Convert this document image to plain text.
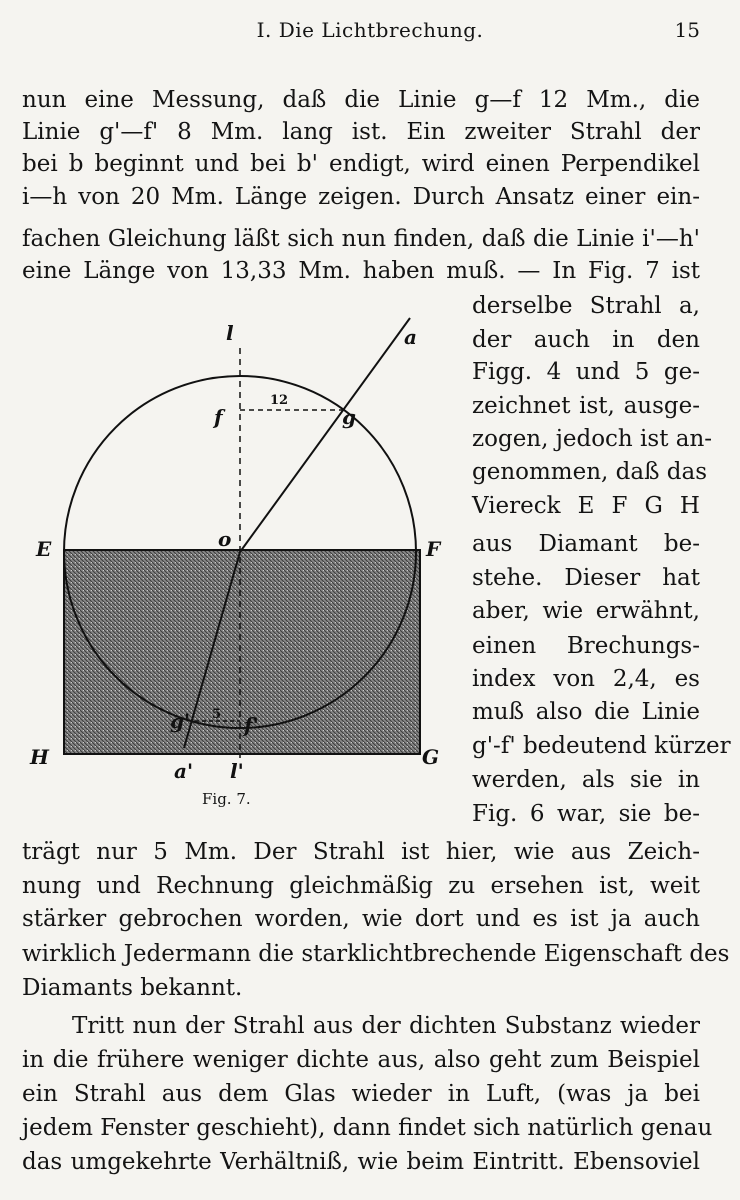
I. Die Lichtbrechung.	15
nun eine Messung, daß die Linie g—f 12 Mm., die
Linie g'—f' 8 Mm. lang ist. Ein zweiter Strahl der
bei b beginnt und bei b' endigt, wird einen Perpendikel
i—h von 20 Mm. Länge zeigen. Durch Ansatz einer ein-
fachen Gleichung läßt sich nun finden, daß die Linie i'—h'
eine Länge von 13,33 Mm. haben muß. — In Fig. 7 ist
derselbe Strahl a,
der auch in den
Figg. 4 und 5 ge-
zeichnet ist, ausge-
zogen, jedoch ist an-
genommen, daß das
Viereck E F G H
aus Diamant be-
stehe. Dieser hat
aber, wie erwähnt,
einen Brechungs-
index von 2,4, es
muß also die Linie
g'-f' bedeutend kürzer
werden, als sie in
Fig. 6 war, sie be-
l	a
f
12
g
E	F
o
H	G
g' 5 f'
a' l'
Fig. 7.
trägt nur 5 Mm. Der Strahl ist hier, wie aus Zeich-
nung und Rechnung gleichmäßig zu ersehen ist, weit
stärker gebrochen worden, wie dort und es ist ja auch
wirklich Jedermann die starklichtbrechende Eigenschaft des
Diamants bekannt.
Tritt nun der Strahl aus der dichten Substanz wieder
in die frühere weniger dichte aus, also geht zum Beispiel
ein Strahl aus dem Glas wieder in Luft, (was ja bei
jedem Fenster geschieht), dann findet sich natürlich genau
das umgekehrte Verhältniß, wie beim Eintritt. Ebensoviel
